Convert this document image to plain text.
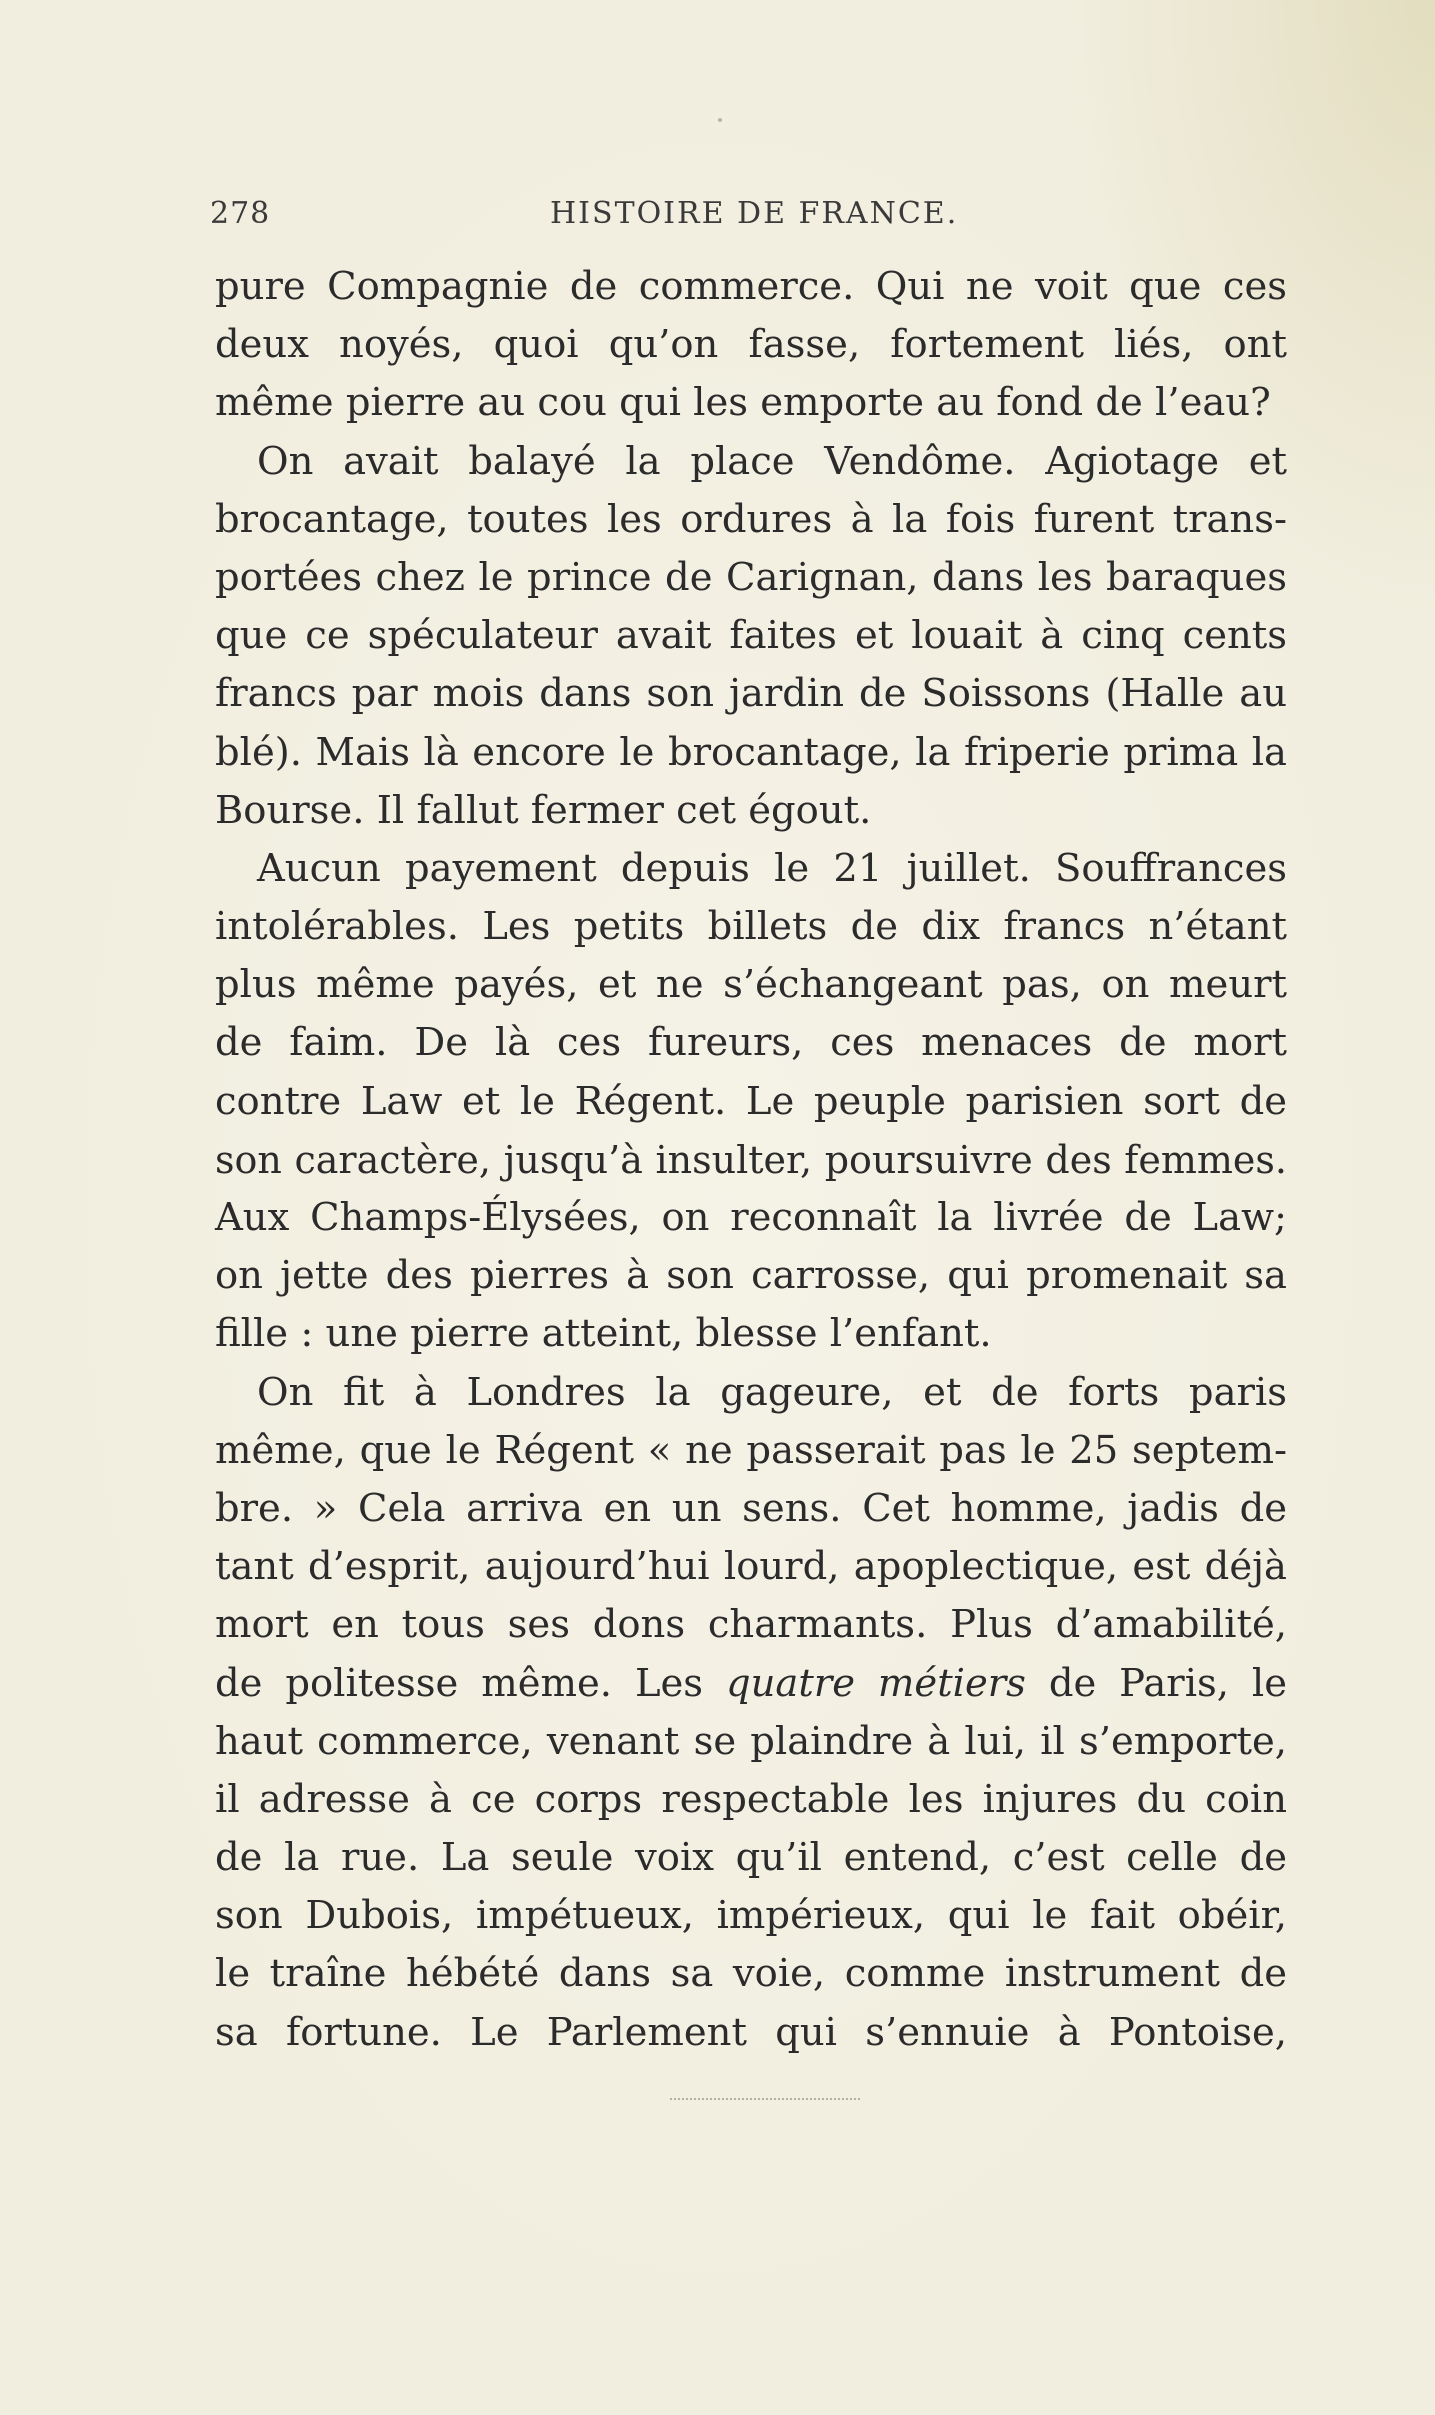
278	HISTOIRE DE FRANCE.
pure Compagnie de commerce. Qui ne voit que ces
deux noyés, quoi qu’on fasse, fortement liés, ont
même pierre au cou qui les emporte au fond de l’eau?
On avait balayé la place Vendôme. Agiotage et
brocantage, toutes les ordures à la fois furent trans-
portées chez le prince de Carignan, dans les baraques
que ce spéculateur avait faites et louait à cinq cents
francs par mois dans son jardin de Soissons (Halle au
blé). Mais là encore le brocantage, la friperie prima la
Bourse. Il fallut fermer cet égout.
Aucun payement depuis le 21 juillet. Souffrances
intolérables. Les petits billets de dix francs n’étant
plus même payés, et ne s’échangeant pas, on meurt
de faim. De là ces fureurs, ces menaces de mort
contre Law et le Régent. Le peuple parisien sort de
son caractère, jusqu’à insulter, poursuivre des femmes.
Aux Champs-Élysées, on reconnaît la livrée de Law;
on jette des pierres à son carrosse, qui promenait sa
fille : une pierre atteint, blesse l’enfant.
On fit à Londres la gageure, et de forts paris
même, que le Régent « ne passerait pas le 25 septem-
bre. » Cela arriva en un sens. Cet homme, jadis de
tant d’esprit, aujourd’hui lourd, apoplectique, est déjà
mort en tous ses dons charmants. Plus d’amabilité,
de politesse même. Les quatre métiers de Paris, le
haut commerce, venant se plaindre à lui, il s’emporte,
il adresse à ce corps respectable les injures du coin
de la rue. La seule voix qu’il entend, c’est celle de
son Dubois, impétueux, impérieux, qui le fait obéir,
le traîne hébété dans sa voie, comme instrument de
sa fortune. Le Parlement qui s’ennuie à Pontoise,
